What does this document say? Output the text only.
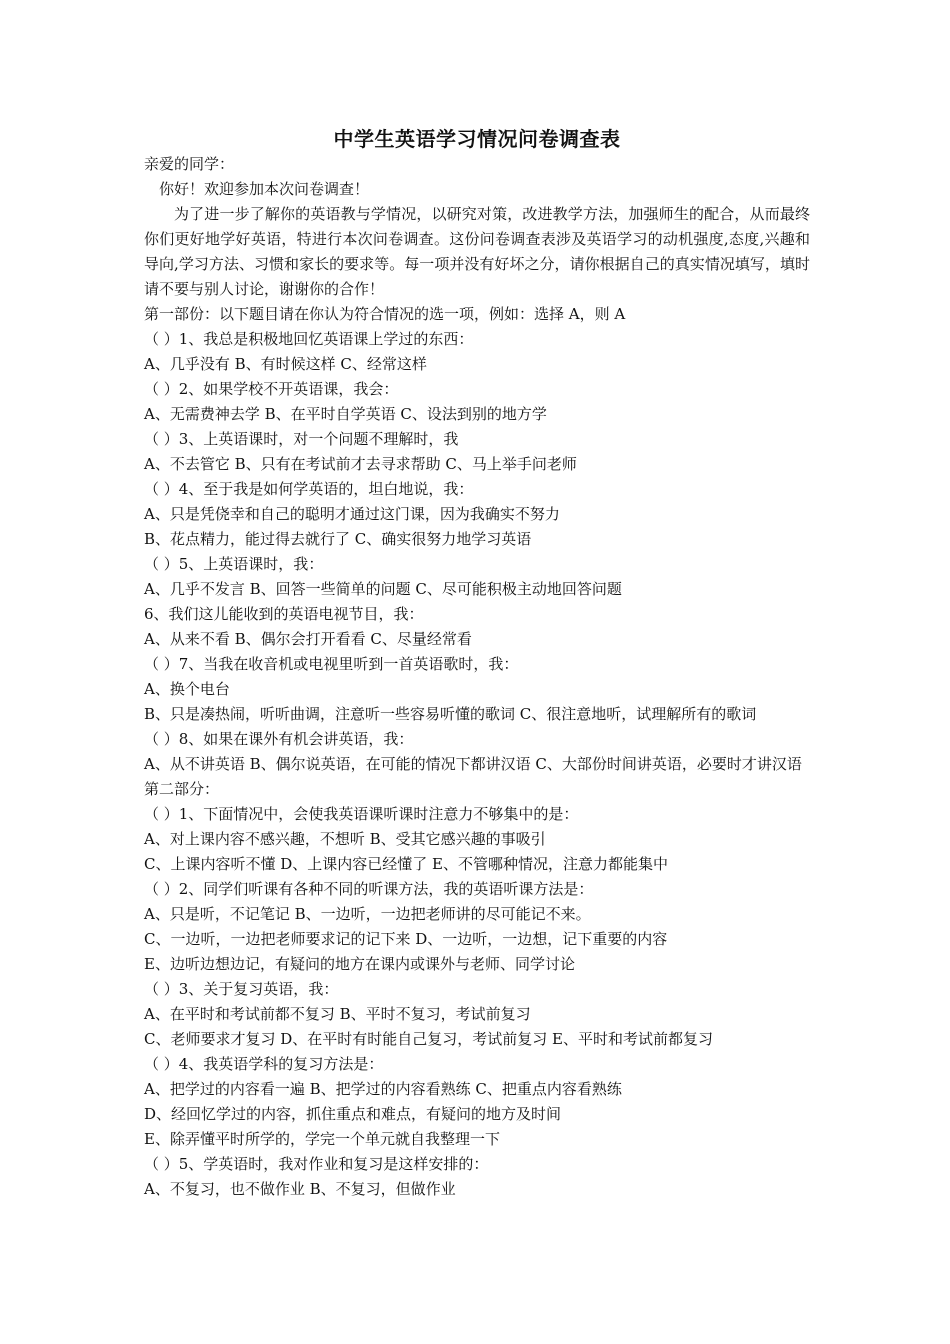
中学生英语学习情况问卷调查表
亲爱的同学：
你好！欢迎参加本次问卷调查！

为了进一步了解你的英语教与学情况，以研究对策，改进教学方法，加强师生的配合，从而最终你们更好地学好英语，特进行本次问卷调查。这份问卷调查表涉及英语学习的动机强度,态度,兴趣和导向,学习方法、习惯和家长的要求等。每一项并没有好坏之分，请你根据自己的真实情况填写，填时请不要与别人讨论，谢谢你的合作！

第一部份：以下题目请在你认为符合情况的选一项，例如：选择 A，则 A
（ ）1、我总是积极地回忆英语课上学过的东西：
A、几乎没有 B、有时候这样 C、经常这样
（ ）2、如果学校不开英语课，我会：
A、无需费神去学 B、在平时自学英语 C、设法到别的地方学
（ ）3、上英语课时，对一个问题不理解时，我
A、不去管它 B、只有在考试前才去寻求帮助 C、马上举手问老师
（ ）4、至于我是如何学英语的，坦白地说，我：
A、只是凭侥幸和自己的聪明才通过这门课，因为我确实不努力
B、花点精力，能过得去就行了 C、确实很努力地学习英语
（ ）5、上英语课时，我：
A、几乎不发言 B、回答一些简单的问题 C、尽可能积极主动地回答问题
6、我们这儿能收到的英语电视节目，我：
A、从来不看 B、偶尔会打开看看 C、尽量经常看
（ ）7、当我在收音机或电视里听到一首英语歌时，我：
A、换个电台
B、只是凑热闹，听听曲调，注意听一些容易听懂的歌词 C、很注意地听，试理解所有的歌词
（ ）8、如果在课外有机会讲英语，我：

A、从不讲英语 B、偶尔说英语，在可能的情况下都讲汉语 C、大部份时间讲英语，必要时才讲汉语

第二部分：
（ ）1、下面情况中，会使我英语课听课时注意力不够集中的是：
A、对上课内容不感兴趣，不想听 B、受其它感兴趣的事吸引
C、上课内容听不懂 D、上课内容已经懂了 E、不管哪种情况，注意力都能集中
（ ）2、同学们听课有各种不同的听课方法，我的英语听课方法是：
A、只是听，不记笔记 B、一边听，一边把老师讲的尽可能记不来。
C、一边听，一边把老师要求记的记下来 D、一边听，一边想，记下重要的内容
E、边听边想边记，有疑问的地方在课内或课外与老师、同学讨论
（ ）3、关于复习英语，我：
A、在平时和考试前都不复习 B、平时不复习，考试前复习
C、老师要求才复习 D、在平时有时能自己复习，考试前复习 E、平时和考试前都复习
（ ）4、我英语学科的复习方法是：
A、把学过的内容看一遍 B、把学过的内容看熟练 C、把重点内容看熟练
D、经回忆学过的内容，抓住重点和难点，有疑问的地方及时间
E、除弄懂平时所学的，学完一个单元就自我整理一下
（ ）5、学英语时，我对作业和复习是这样安排的：
A、不复习，也不做作业 B、不复习，但做作业
